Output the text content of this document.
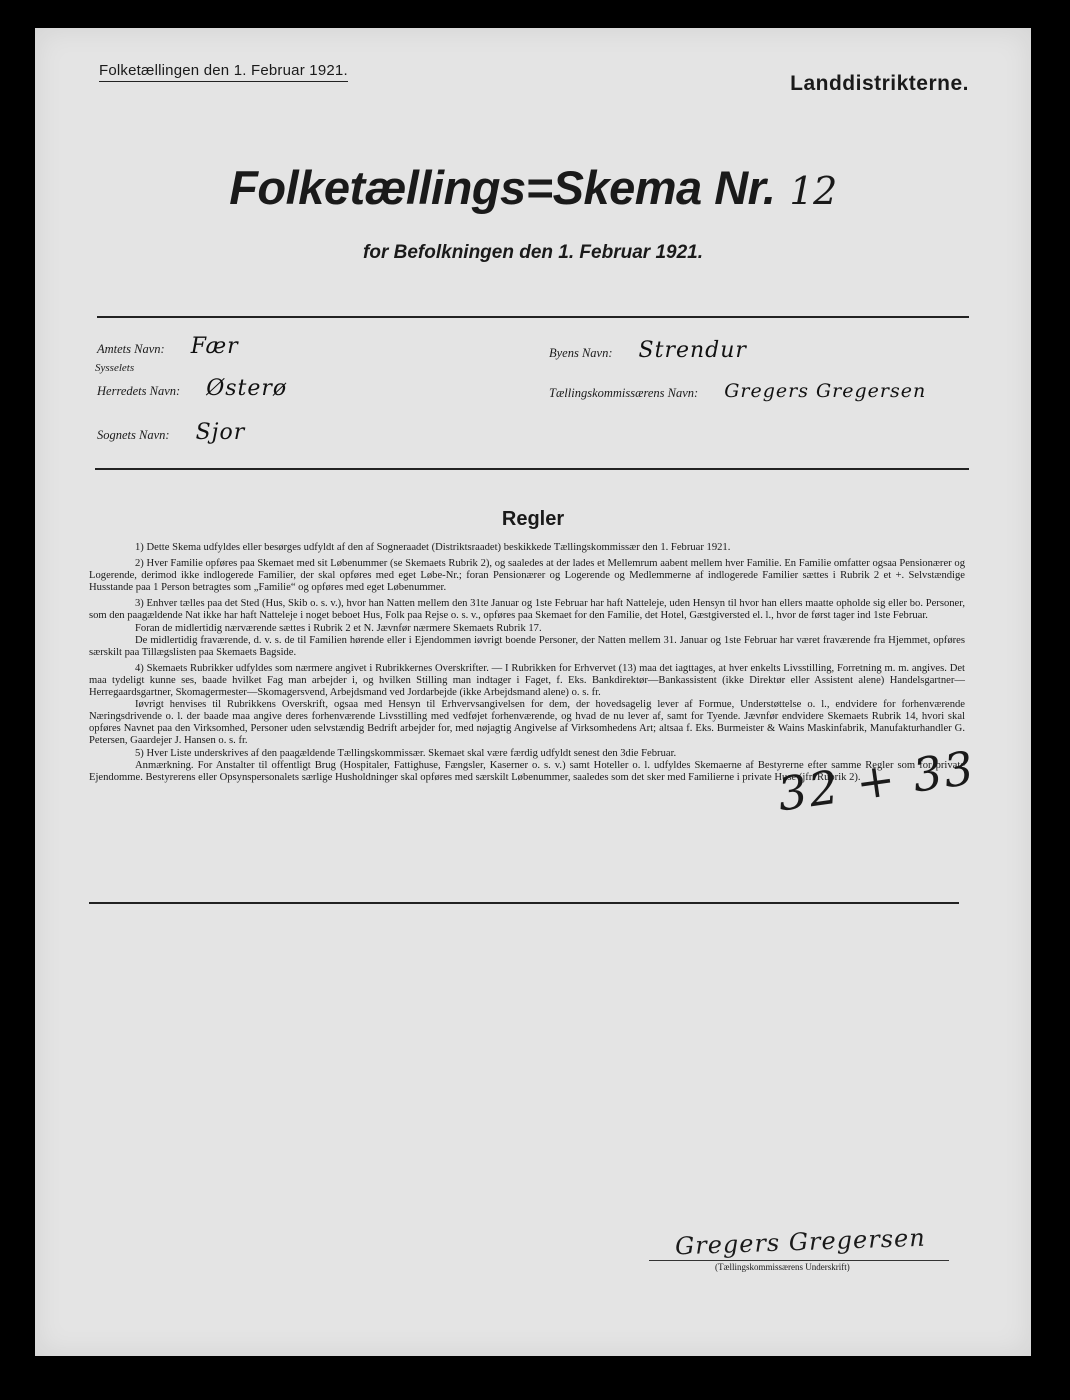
Folketællingen den 1. Februar 1921.
Landdistrikterne.
Folketællings=Skema Nr. 12
for Befolkningen den 1. Februar 1921.
Amtets Navn: Fær	Byens Navn: Strendur
Sysselets
Herredets Navn: Østerø	Tællingskommissærens Navn: Gregers Gregersen
Sognets Navn: Sjor
Regler

1) Dette Skema udfyldes eller besørges udfyldt af den af Sogneraadet (Distriktsraadet) beskikkede Tællingskommissær den 1. Februar 1921.

2) Hver Familie opføres paa Skemaet med sit Løbenummer (se Skemaets Rubrik 2), og saaledes at der lades et Mellemrum aabent mellem hver Familie. En Familie omfatter ogsaa Pensionærer og Logerende, derimod ikke indlogerede Familier, der skal opføres med eget Løbe-Nr.; foran Pensionærer og Logerende og Medlemmerne af indlogerede Familier sættes i Rubrik 2 et +. Selvstændige Husstande paa 1 Person betragtes som „Familie“ og opføres med eget Løbenummer.

3) Enhver tælles paa det Sted (Hus, Skib o. s. v.), hvor han Natten mellem den 31te Januar og 1ste Februar har haft Natteleje, uden Hensyn til hvor han ellers maatte opholde sig eller bo. Personer, som den paagældende Nat ikke har haft Natteleje i noget beboet Hus, Folk paa Rejse o. s. v., opføres paa Skemaet for den Familie, det Hotel, Gæstgiversted el. l., hvor de først tager ind 1ste Februar.

Foran de midlertidig nærværende sættes i Rubrik 2 et N. Jævnfør nærmere Skemaets Rubrik 17.

De midlertidig fraværende, d. v. s. de til Familien hørende eller i Ejendommen iøvrigt boende Personer, der Natten mellem 31. Januar og 1ste Februar har været fraværende fra Hjemmet, opføres særskilt paa Tillægslisten paa Skemaets Bagside.

4) Skemaets Rubrikker udfyldes som nærmere angivet i Rubrikkernes Overskrifter. — I Rubrikken for Erhvervet (13) maa det iagttages, at hver enkelts Livsstilling, Forretning m. m. angives. Det maa tydeligt kunne ses, baade hvilket Fag man arbejder i, og hvilken Stilling man indtager i Faget, f. Eks. Bankdirektør—Bankassistent (ikke Direktør eller Assistent alene) Handelsgartner—Herregaardsgartner, Skomagermester—Skomagersvend, Arbejdsmand ved Jordarbejde (ikke Arbejdsmand alene) o. s. fr.

Iøvrigt henvises til Rubrikkens Overskrift, ogsaa med Hensyn til Erhvervsangivelsen for dem, der hovedsagelig lever af Formue, Understøttelse o. l., endvidere for forhenværende Næringsdrivende o. l. der baade maa angive deres forhenværende Livsstilling med vedføjet forhenværende, og hvad de nu lever af, samt for Tyende. Jævnfør endvidere Skemaets Rubrik 14, hvori skal opføres Navnet paa den Virksomhed, Personer uden selvstændig Bedrift arbejder for, med nøjagtig Angivelse af Virksomhedens Art; altsaa f. Eks. Burmeister & Wains Maskinfabrik, Manufakturhandler G. Petersen, Gaardejer J. Hansen o. s. fr.

5) Hver Liste underskrives af den paagældende Tællingskommissær. Skemaet skal være færdig udfyldt senest den 3die Februar.

Anmærkning. For Anstalter til offentligt Brug (Hospitaler, Fattighuse, Fængsler, Kaserner o. s. v.) samt Hoteller o. l. udfyldes Skemaerne af Bestyrerne efter samme Regler som for private Ejendomme. Bestyrerens eller Opsynspersonalets særlige Husholdninger skal opføres med særskilt Løbenummer, saaledes som det sker med Familierne i private Huse (jfr. Rubrik 2).

32 + 33
Gregers Gregersen
(Tællingskommissærens Underskrift)
